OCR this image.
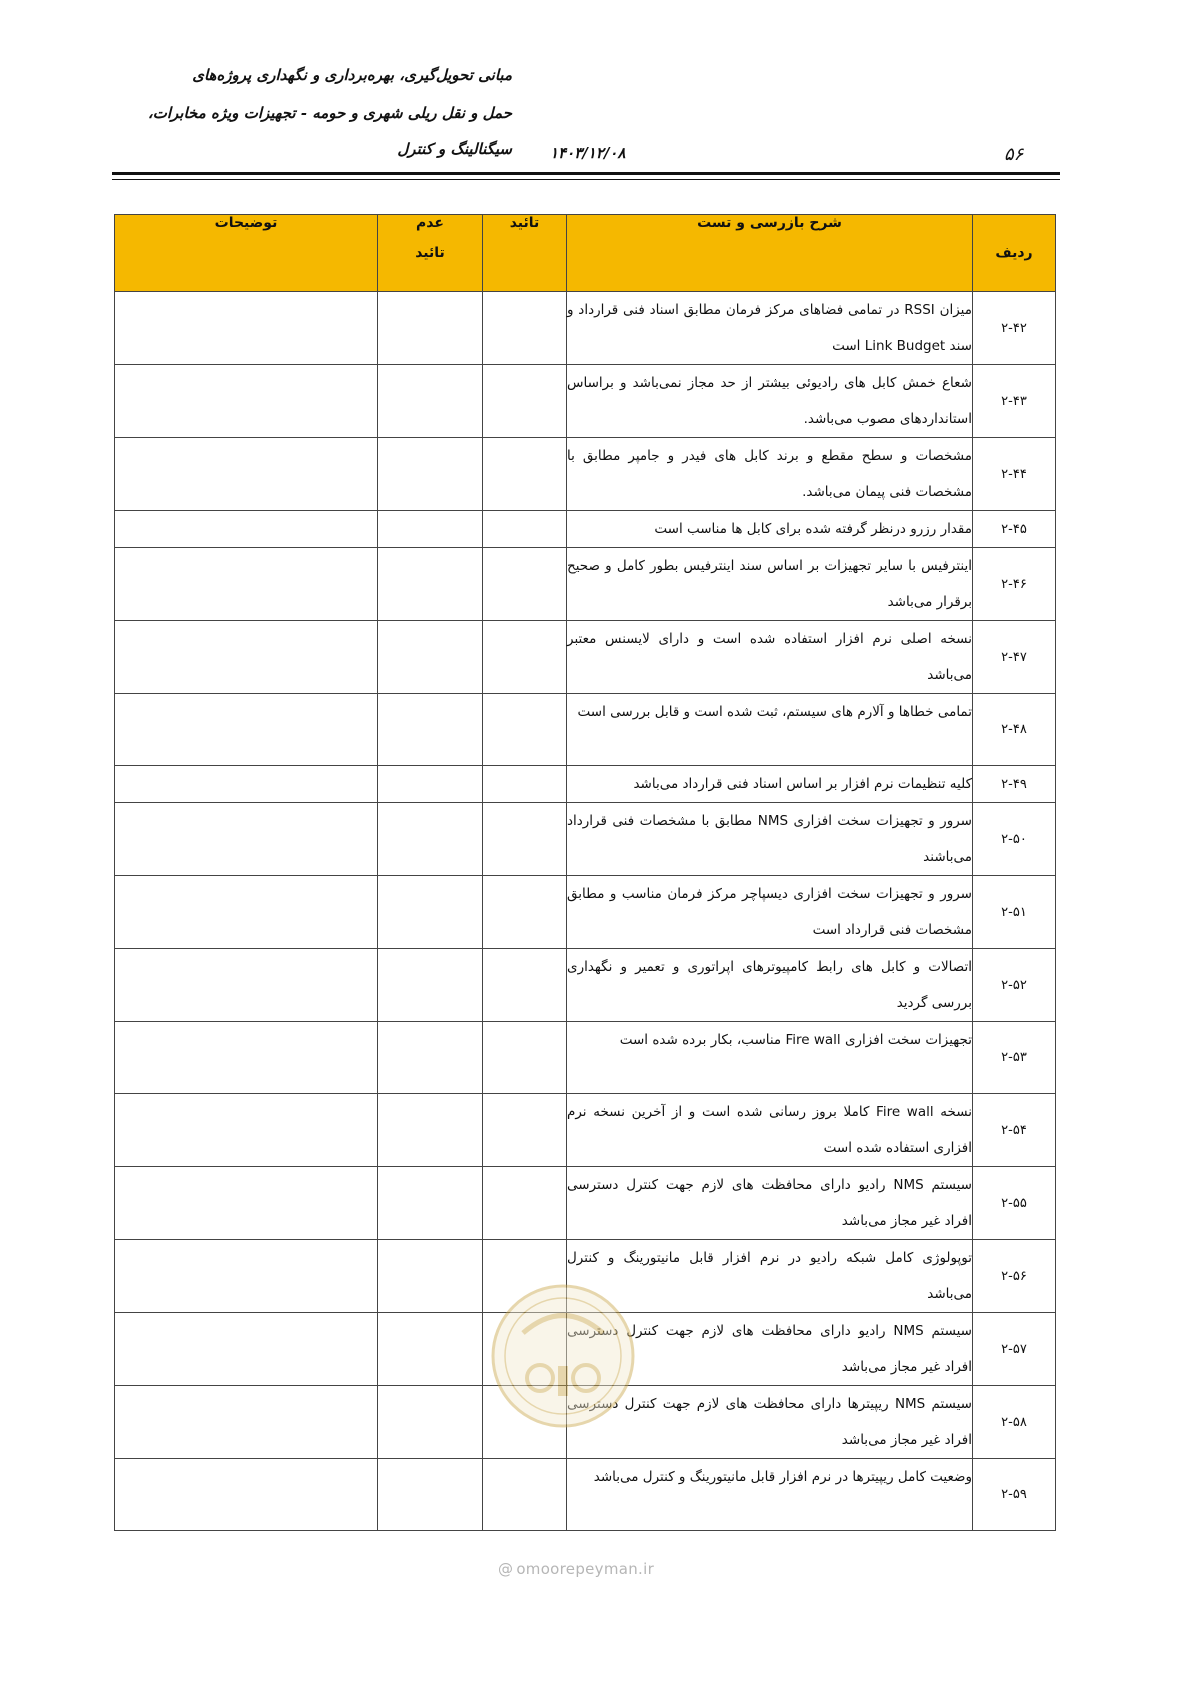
مبانی تحویل‌گیری، بهره‌برداری و نگهداری پروژه‌های
حمل و نقل ریلی شهری و حومه - تجهیزات ویژه مخابرات،
سیگنالینگ و کنترل	۱۴۰۳/۱۲/۰۸	۵۶
ردیف	شرح بازرسی و تست	تائید	عدم
تائید	توضیحات
۲-۴۲	میزان RSSI در تمامی فضاهای مرکز فرمان مطابق اسناد فنی قرارداد و سند Link Budget است			
۲-۴۳	شعاع خمش کابل های رادیوئی بیشتر از حد مجاز نمی‌باشد و براساس استانداردهای مصوب می‌باشد.			
۲-۴۴	مشخصات و سطح مقطع و برند کابل های فیدر و جامپر مطابق با مشخصات فنی پیمان می‌باشد.			
۲-۴۵	مقدار رزرو درنظر گرفته شده برای کابل ها مناسب است			
۲-۴۶	اینترفیس با سایر تجهیزات بر اساس سند اینترفیس بطور کامل و صحیح برقرار می‌باشد			
۲-۴۷	نسخه اصلی نرم افزار استفاده شده است و دارای لایسنس معتبر می‌باشد			
۲-۴۸	تمامی خطاها و آلارم های سیستم، ثبت شده است و قابل بررسی است			
۲-۴۹	کلیه تنظیمات نرم افزار بر اساس اسناد فنی قرارداد می‌باشد			
۲-۵۰	سرور و تجهیزات سخت افزاری NMS مطابق با مشخصات فنی قرارداد می‌باشند			
۲-۵۱	سرور و تجهیزات سخت افزاری دیسپاچر مرکز فرمان مناسب و مطابق مشخصات فنی قرارداد است			
۲-۵۲	اتصالات و کابل های رابط کامپیوترهای اپراتوری و تعمیر و نگهداری بررسی گردید			
۲-۵۳	تجهیزات سخت افزاری Fire wall مناسب، بکار برده شده است			
۲-۵۴	نسخه Fire wall کاملا بروز رسانی شده است و از آخرین نسخه نرم افزاری استفاده شده است			
۲-۵۵	سیستم NMS رادیو دارای محافظت های لازم جهت کنترل دسترسی افراد غیر مجاز می‌باشد			
۲-۵۶	توپولوژی کامل شبکه رادیو در نرم افزار قابل مانیتورینگ و کنترل می‌باشد			
۲-۵۷	سیستم NMS رادیو دارای محافظت های لازم جهت کنترل دسترسی افراد غیر مجاز می‌باشد			
۲-۵۸	سیستم NMS ریپیترها دارای محافظت های لازم جهت کنترل دسترسی افراد غیر مجاز می‌باشد			
۲-۵۹	وضعیت کامل ریپیترها در نرم افزار قابل مانیتورینگ و کنترل می‌باشد			
@ omoorepeyman.ir
